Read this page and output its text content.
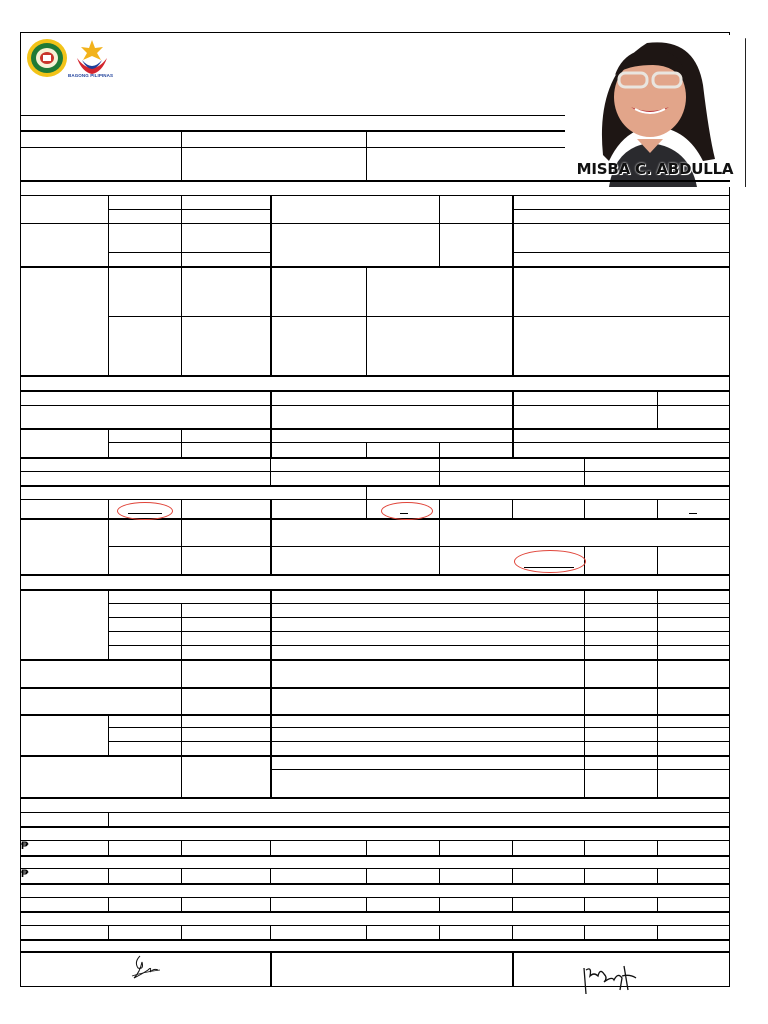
BAGONG PILIPINAS
MISBA C. ABDULLA
₱
₱
